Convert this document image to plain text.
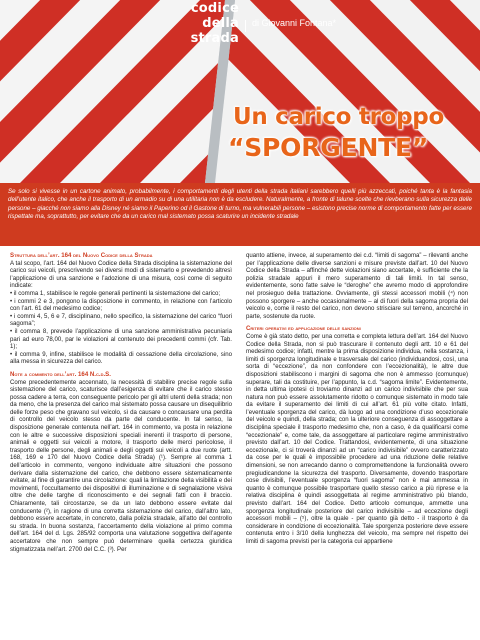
codice
della strada
di Giovanni Fontana*
Un carico troppo
“SPORGENTE”

Se solo si vivesse in un cartone animato, probabilmente, i comportamenti degli utenti della strada italiani sarebbero quelli più azzeccati, poiché tanta è la fantasia dell’utente italico, che anche il trasporto di un armadio su di una utilitaria non è da escludere. Naturalmente, a fronte di talune scelte che rievberano sulla sicurezza delle persone – giacché non siamo alla Disney né siamo il Paperino od il Gastone di turno, ma vulnerabili persone – esistono precise norme di comportamento fatte per essere rispettate ma, soprattutto, per evitare che da un carico mal sistemato possa scaturire un incidente stradale

Struttura dell’art. 164 del Nuovo Codice della Strada

A tal scopo, l’art. 164 del Nuovo Codice della Strada disciplina la sistemazione del carico sui veicoli, prescrivendo sei diversi modi di sistemarlo e prevedendo altresì l’applicazione di una sanzione e l’adozione di una misura, così come di seguito indicate:

• il comma 1, stabilisce le regole generali pertinenti la sistemazione del carico;

• i commi 2 e 3, pongono la disposizione in commento, in relazione con l’articolo con l’art. 61 del medesimo codice;

• i commi 4, 5, 6 e 7, disciplinano, nello specifico, la sistemazione del carico “fuori sagoma”;

• il comma 8, prevede l’applicazione di una sanzione amministrativa pecuniaria pari ad euro 78,00, par le violazioni al contenuto dei precedenti commi (cfr. Tab. 1);

• il comma 9, infine, stabilisce le modalità di cessazione della circolazione, sino alla messa in sicurezza del carico.

Note a commento dell’art. 164 N.c.d.S.

Come precedentemente accennato, la necessità di stabilire precise regole sulla sistemazione del carico, scaturisce dall’esigenza di evitare che il carico stesso possa cadere a terra, con conseguente pericolo per gli altri utenti della strada; non da meno, che la presenza del carico mal sistemato possa causare un disequilibrio delle forze peso che gravano sul veicolo, sì da causare o concausare una perdita di controllo del veicolo stesso da parte del conducente. In tal senso, la disposizione generale contenuta nell’art. 164 in commento, va posta in relazione con le altre e successive disposizioni speciali inerenti il trasporto di persone, animali e oggetti sui veicoli a motore, il trasporto delle merci pericolose, il trasporto delle persone, degli animali e degli oggetti sui veicoli a due ruote (artt. 168, 169 e 170 del Nuovo Codice della Strada) (¹). Sempre al comma 1 dell’articolo in commento, vengono individuate altre situazioni che possono derivare dalla sistemazione del carico, che debbono essere sistematicamente evitate, al fine di garantire una circolazione: quali la limitazione della visibilità e dei movimenti, l’occultamento dei dispositivi di illuminazione e di segnalazione visiva oltre che delle targhe di riconoscimento e dei segnali fatti con il braccio. Chiaramente, tali circostanze, se da un lato debbono essere evitate dal conducente (²), in ragione di una corretta sistemazione del carico, dall’altro lato, debbono essere accertate, in concreto, dalla polizia stradale, all’atto del controllo su strada. In buona sostanza, l’accertamento della violazione al primo comma dell’art. 164 del d. Lgs. 285/92 comporta una valutazione soggettiva dell’agente accertatore che non sempre può determinare quella certezza giuridica stigmatizzata nell’art. 2700 del C.C. (³). Per

quanto attiene, invece, al superamento dei c.d. “limiti di sagoma” – rilevanti anche per l’applicazione delle diverse sanzioni e misure previste dall’art. 10 del Nuovo Codice della Strada – affinché dette violazioni siano accertate, è sufficiente che la polizia stradale appuri il mero superamento di tali limiti. In tal senso, evidentemente, sono fatte salve le “deroghe” che avremo modo di approfondire nel prosieguo della trattazione. Ovviamente, gli stessi accessori mobili (⁴) non possono sporgere – anche occasionalmente – al di fuori della sagoma propria del veicolo e, come il resto del carico, non devono strisciare sul terreno, ancorché in parte, sostenute da ruote.

Criteri operativi ed applicazione delle sanzioni

Come è già stato detto, per una corretta e completa lettura dell’art. 164 del Nuovo Codice della Strada, non si può trascurare il contenuto degli artt. 10 e 61 del medesimo codice; infatti, mentre la prima disposizione individua, nella sostanza, i limiti di sporgenza longitudinale e trasversale del carico (individuandosi, così, una sorta di “eccezione”, da non confondere con l’eccezionalità), le altre due disposizioni stabiliscono i margini di sagoma che non è ammesso (comunque) superare, tali da costituire, per l’appunto, la c.d. “sagoma limite”. Evidentemente, in detta ultima ipotesi ci troviamo dinanzi ad un carico indivisibile che per sua natura non può essere assolutamente ridotto o comunque sistemato in modo tale da evitare il superamento dei limiti di cui all’art. 61 più volte citato. Infatti, l’eventuale sporgenza del carico, dà luogo ad una condizione d’uso eccezionale del veicolo e quindi, della strada; con la ulteriore conseguenza di assoggettare a disciplina speciale il trasporto medesimo che, non a caso, è da qualificarsi come “eccezionale” e, come tale, da assoggettare al particolare regime amministrativo previsto dall’art. 10 del Codice. Trattandosi, evidentemente, di una situazione eccezionale, ci si troverà dinanzi ad un “carico indivisibile” ovvero caratterizzato da cose per le quali è impossibile procedere ad una riduzione delle relative dimensioni, se non arrecando danno o compromettendone la funzionalità ovvero pregiudicandone la sicurezza del trasporto. Diversamente, dovendo trasportare cose divisibili, l’eventuale sporgenza “fuori sagoma” non è mai ammessa in quanto è comunque possibile trasportare quello stesso carico a più riprese e la relativa disciplina è quindi assoggettata al regime amministrativo più blando, previsto dall’art. 164 del Codice. Detto articolo comunque, ammette una sporgenza longitudinale posteriore del carico indivisibile – ad eccezione degli accessori mobili – (⁵), oltre la quale - per quanto già detto - il trasporto è da considerare in condizione di eccezionalità. Tale sporgenza posteriore deve essere contenuta entro i 3/10 della lunghezza del veicolo, ma sempre nel rispetto dei limiti di sagoma previsti per la categoria cui appartiene
